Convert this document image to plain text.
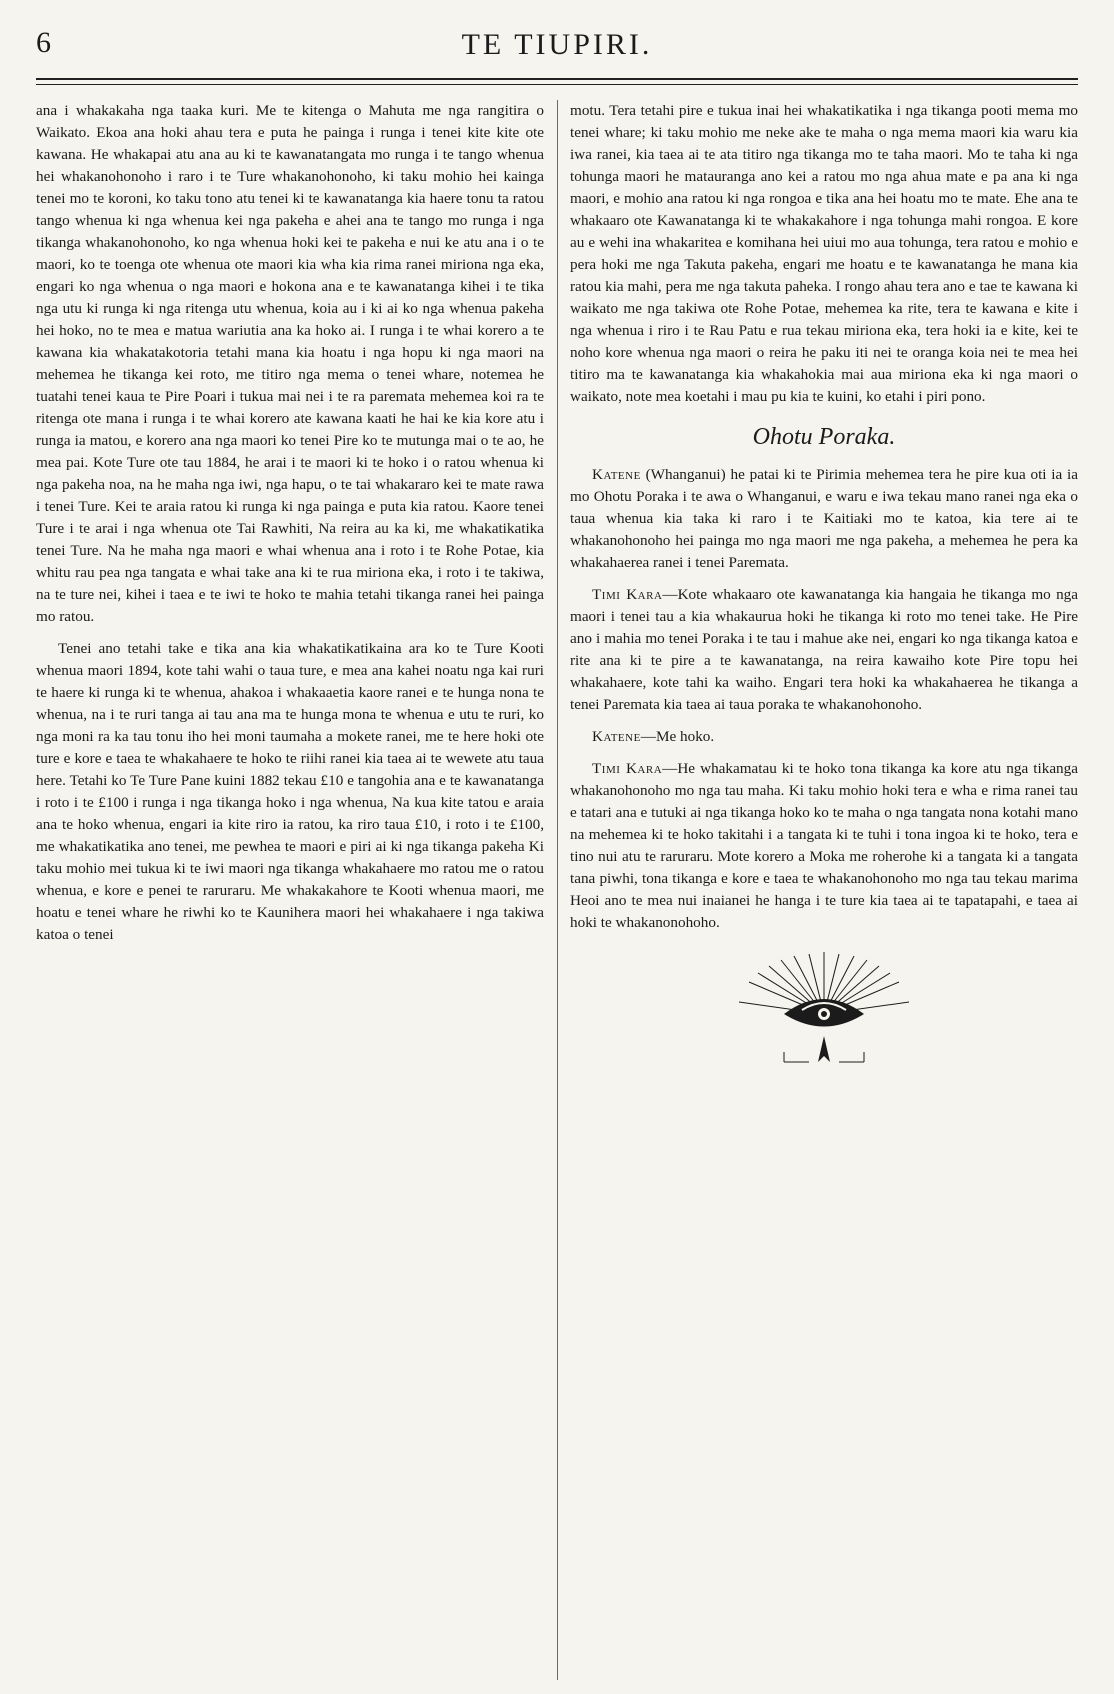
6	TE TIUPIRI.

ana i whakakaha nga taaka kuri. Me te kitenga o Mahuta me nga rangitira o Waikato. Ekoa ana hoki ahau tera e puta he painga i runga i tenei kite kite ote kawana. He whakapai atu ana au ki te kawanatangata mo runga i te tango whenua hei whakanohonoho i raro i te Ture whakanohonoho, ki taku mohio hei kainga tenei mo te koroni, ko taku tono atu tenei ki te kawanatanga kia haere tonu ta ratou tango whenua ki nga whenua kei nga pakeha e ahei ana te tango mo runga i nga tikanga whakanohonoho, ko nga whenua hoki kei te pakeha e nui ke atu ana i o te maori, ko te toenga ote whenua ote maori kia wha kia rima ranei miriona nga eka, engari ko nga whenua o nga maori e hokona ana e te kawanatanga kihei i te tika nga utu ki runga ki nga ritenga utu whenua, koia au i ki ai ko nga whenua pakeha hei hoko, no te mea e matua wariutia ana ka hoko ai. I runga i te whai korero a te kawana kia whakatakotoria tetahi mana kia hoatu i nga hopu ki nga maori na mehemea he tikanga kei roto, me titiro nga mema o tenei whare, notemea he tuatahi tenei kaua te Pire Poari i tukua mai nei i te ra paremata mehemea koi ra te ritenga ote mana i runga i te whai korero ate kawana kaati he hai ke kia kore atu i runga ia matou, e korero ana nga maori ko tenei Pire ko te mutunga mai o te ao, he mea pai. Kote Ture ote tau 1884, he arai i te maori ki te hoko i o ratou whenua ki nga pakeha noa, na he maha nga iwi, nga hapu, o te tai whakararo kei te mate rawa i tenei Ture. Kei te araia ratou ki runga ki nga painga e puta kia ratou. Kaore tenei Ture i te arai i nga whenua ote Tai Rawhiti, Na reira au ka ki, me whakatikatika tenei Ture. Na he maha nga maori e whai whenua ana i roto i te Rohe Potae, kia whitu rau pea nga tangata e whai take ana ki te rua miriona eka, i roto i te takiwa, na te ture nei, kihei i taea e te iwi te hoko te mahia tetahi tikanga ranei hei painga mo ratou.

Tenei ano tetahi take e tika ana kia whakatikatikaina ara ko te Ture Kooti whenua maori 1894, kote tahi wahi o taua ture, e mea ana kahei noatu nga kai ruri te haere ki runga ki te whenua, ahakoa i whakaaetia kaore ranei e te hunga nona te whenua, na i te ruri tanga ai tau ana ma te hunga mona te whenua e utu te ruri, ko nga moni ra ka tau tonu iho hei moni taumaha a mokete ranei, me te here hoki ote ture e kore e taea te whakahaere te hoko te riihi ranei kia taea ai te wewete atu taua here. Tetahi ko Te Ture Pane kuini 1882 tekau £10 e tangohia ana e te kawanatanga i roto i te £100 i runga i nga tikanga hoko i nga whenua, Na kua kite tatou e araia ana te hoko whenua, engari ia kite riro ia ratou, ka riro taua £10, i roto i te £100, me whakatikatika ano tenei, me pewhea te maori e piri ai ki nga tikanga pakeha Ki taku mohio mei tukua ki te iwi maori nga tikanga whakahaere mo ratou me o ratou whenua, e kore e penei te raruraru. Me whakakahore te Kooti whenua maori, me hoatu e tenei whare he riwhi ko te Kaunihera maori hei whakahaere i nga takiwa katoa o tenei

motu. Tera tetahi pire e tukua inai hei whakatikatika i nga tikanga pooti mema mo tenei whare; ki taku mohio me neke ake te maha o nga mema maori kia waru kia iwa ranei, kia taea ai te ata titiro nga tikanga mo te taha maori. Mo te taha ki nga tohunga maori he matauranga ano kei a ratou mo nga ahua mate e pa ana ki nga maori, e mohio ana ratou ki nga rongoa e tika ana hei hoatu mo te mate. Ehe ana te whakaaro ote Kawanatanga ki te whakakahore i nga tohunga mahi rongoa. E kore au e wehi ina whakaritea e komihana hei uiui mo aua tohunga, tera ratou e mohio e pera hoki me nga Takuta pakeha, engari me hoatu e te kawanatanga he mana kia ratou kia mahi, pera me nga takuta paheka. I rongo ahau tera ano e tae te kawana ki waikato me nga takiwa ote Rohe Potae, mehemea ka rite, tera te kawana e kite i nga whenua i riro i te Rau Patu e rua tekau miriona eka, tera hoki ia e kite, kei te noho kore whenua nga maori o reira he paku iti nei te oranga koia nei te mea hei titiro ma te kawanatanga kia whakahokia mai aua miriona eka ki nga maori o waikato, note mea koetahi i mau pu kia te kuini, ko etahi i piri pono.

Ohotu Poraka.

Katene (Whanganui) he patai ki te Pirimia mehemea tera he pire kua oti ia ia mo Ohotu Poraka i te awa o Whanganui, e waru e iwa tekau mano ranei nga eka o taua whenua kia taka ki raro i te Kaitiaki mo te katoa, kia tere ai te whakanohonoho hei painga mo nga maori me nga pakeha, a mehemea he pera ka whakahaerea ranei i tenei Paremata.

Timi Kara—Kote whakaaro ote kawanatanga kia hangaia he tikanga mo nga maori i tenei tau a kia whakaurua hoki he tikanga ki roto mo tenei take. He Pire ano i mahia mo tenei Poraka i te tau i mahue ake nei, engari ko nga tikanga katoa e rite ana ki te pire a te kawanatanga, na reira kawaiho kote Pire topu hei whakahaere, kote tahi ka waiho. Engari tera hoki ka whakahaerea he tikanga a tenei Paremata kia taea ai taua poraka te whakanohonoho.

Katene—Me hoko.

Timi Kara—He whakamatau ki te hoko tona tikanga ka kore atu nga tikanga whakanohonoho mo nga tau maha. Ki taku mohio hoki tera e wha e rima ranei tau e tatari ana e tutuki ai nga tikanga hoko ko te maha o nga tangata nona kotahi mano na mehemea ki te hoko takitahi i a tangata ki te tuhi i tona ingoa ki te hoko, tera e tino nui atu te raruraru. Mote korero a Moka me roherohe ki a tangata ki a tangata tana piwhi, tona tikanga e kore e taea te whakanohonoho mo nga tau tekau marima Heoi ano te mea nui inaianei he hanga i te ture kia taea ai te tapatapahi, e taea ai hoki te whakanonohoho.
